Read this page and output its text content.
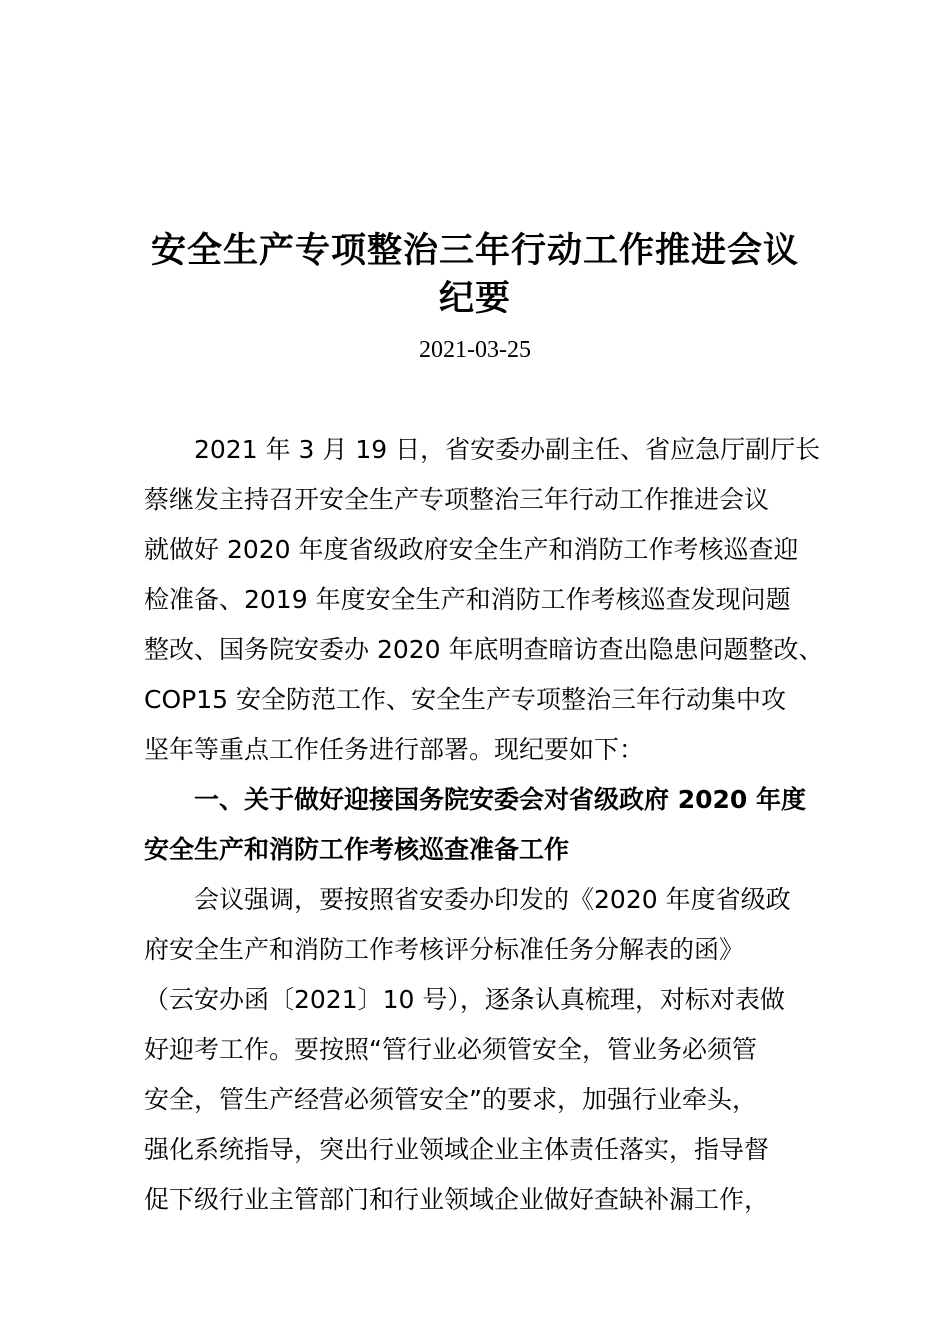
安全生产专项整治三年行动工作推进会议
纪要
2021-03-25
2021 年 3 月 19 日，省安委办副主任、省应急厅副厅长
蔡继发主持召开安全生产专项整治三年行动工作推进会议
就做好 2020 年度省级政府安全生产和消防工作考核巡查迎
检准备、2019 年度安全生产和消防工作考核巡查发现问题
整改、国务院安委办 2020 年底明查暗访查出隐患问题整改、
COP15 安全防范工作、安全生产专项整治三年行动集中攻
坚年等重点工作任务进行部署。现纪要如下：
一、关于做好迎接国务院安委会对省级政府 2020 年度
安全生产和消防工作考核巡查准备工作
会议强调，要按照省安委办印发的《2020 年度省级政
府安全生产和消防工作考核评分标准任务分解表的函》
（云安办函〔2021〕10 号），逐条认真梳理，对标对表做
好迎考工作。要按照“管行业必须管安全，管业务必须管
安全，管生产经营必须管安全”的要求，加强行业牵头，
强化系统指导，突出行业领域企业主体责任落实，指导督
促下级行业主管部门和行业领域企业做好查缺补漏工作，
